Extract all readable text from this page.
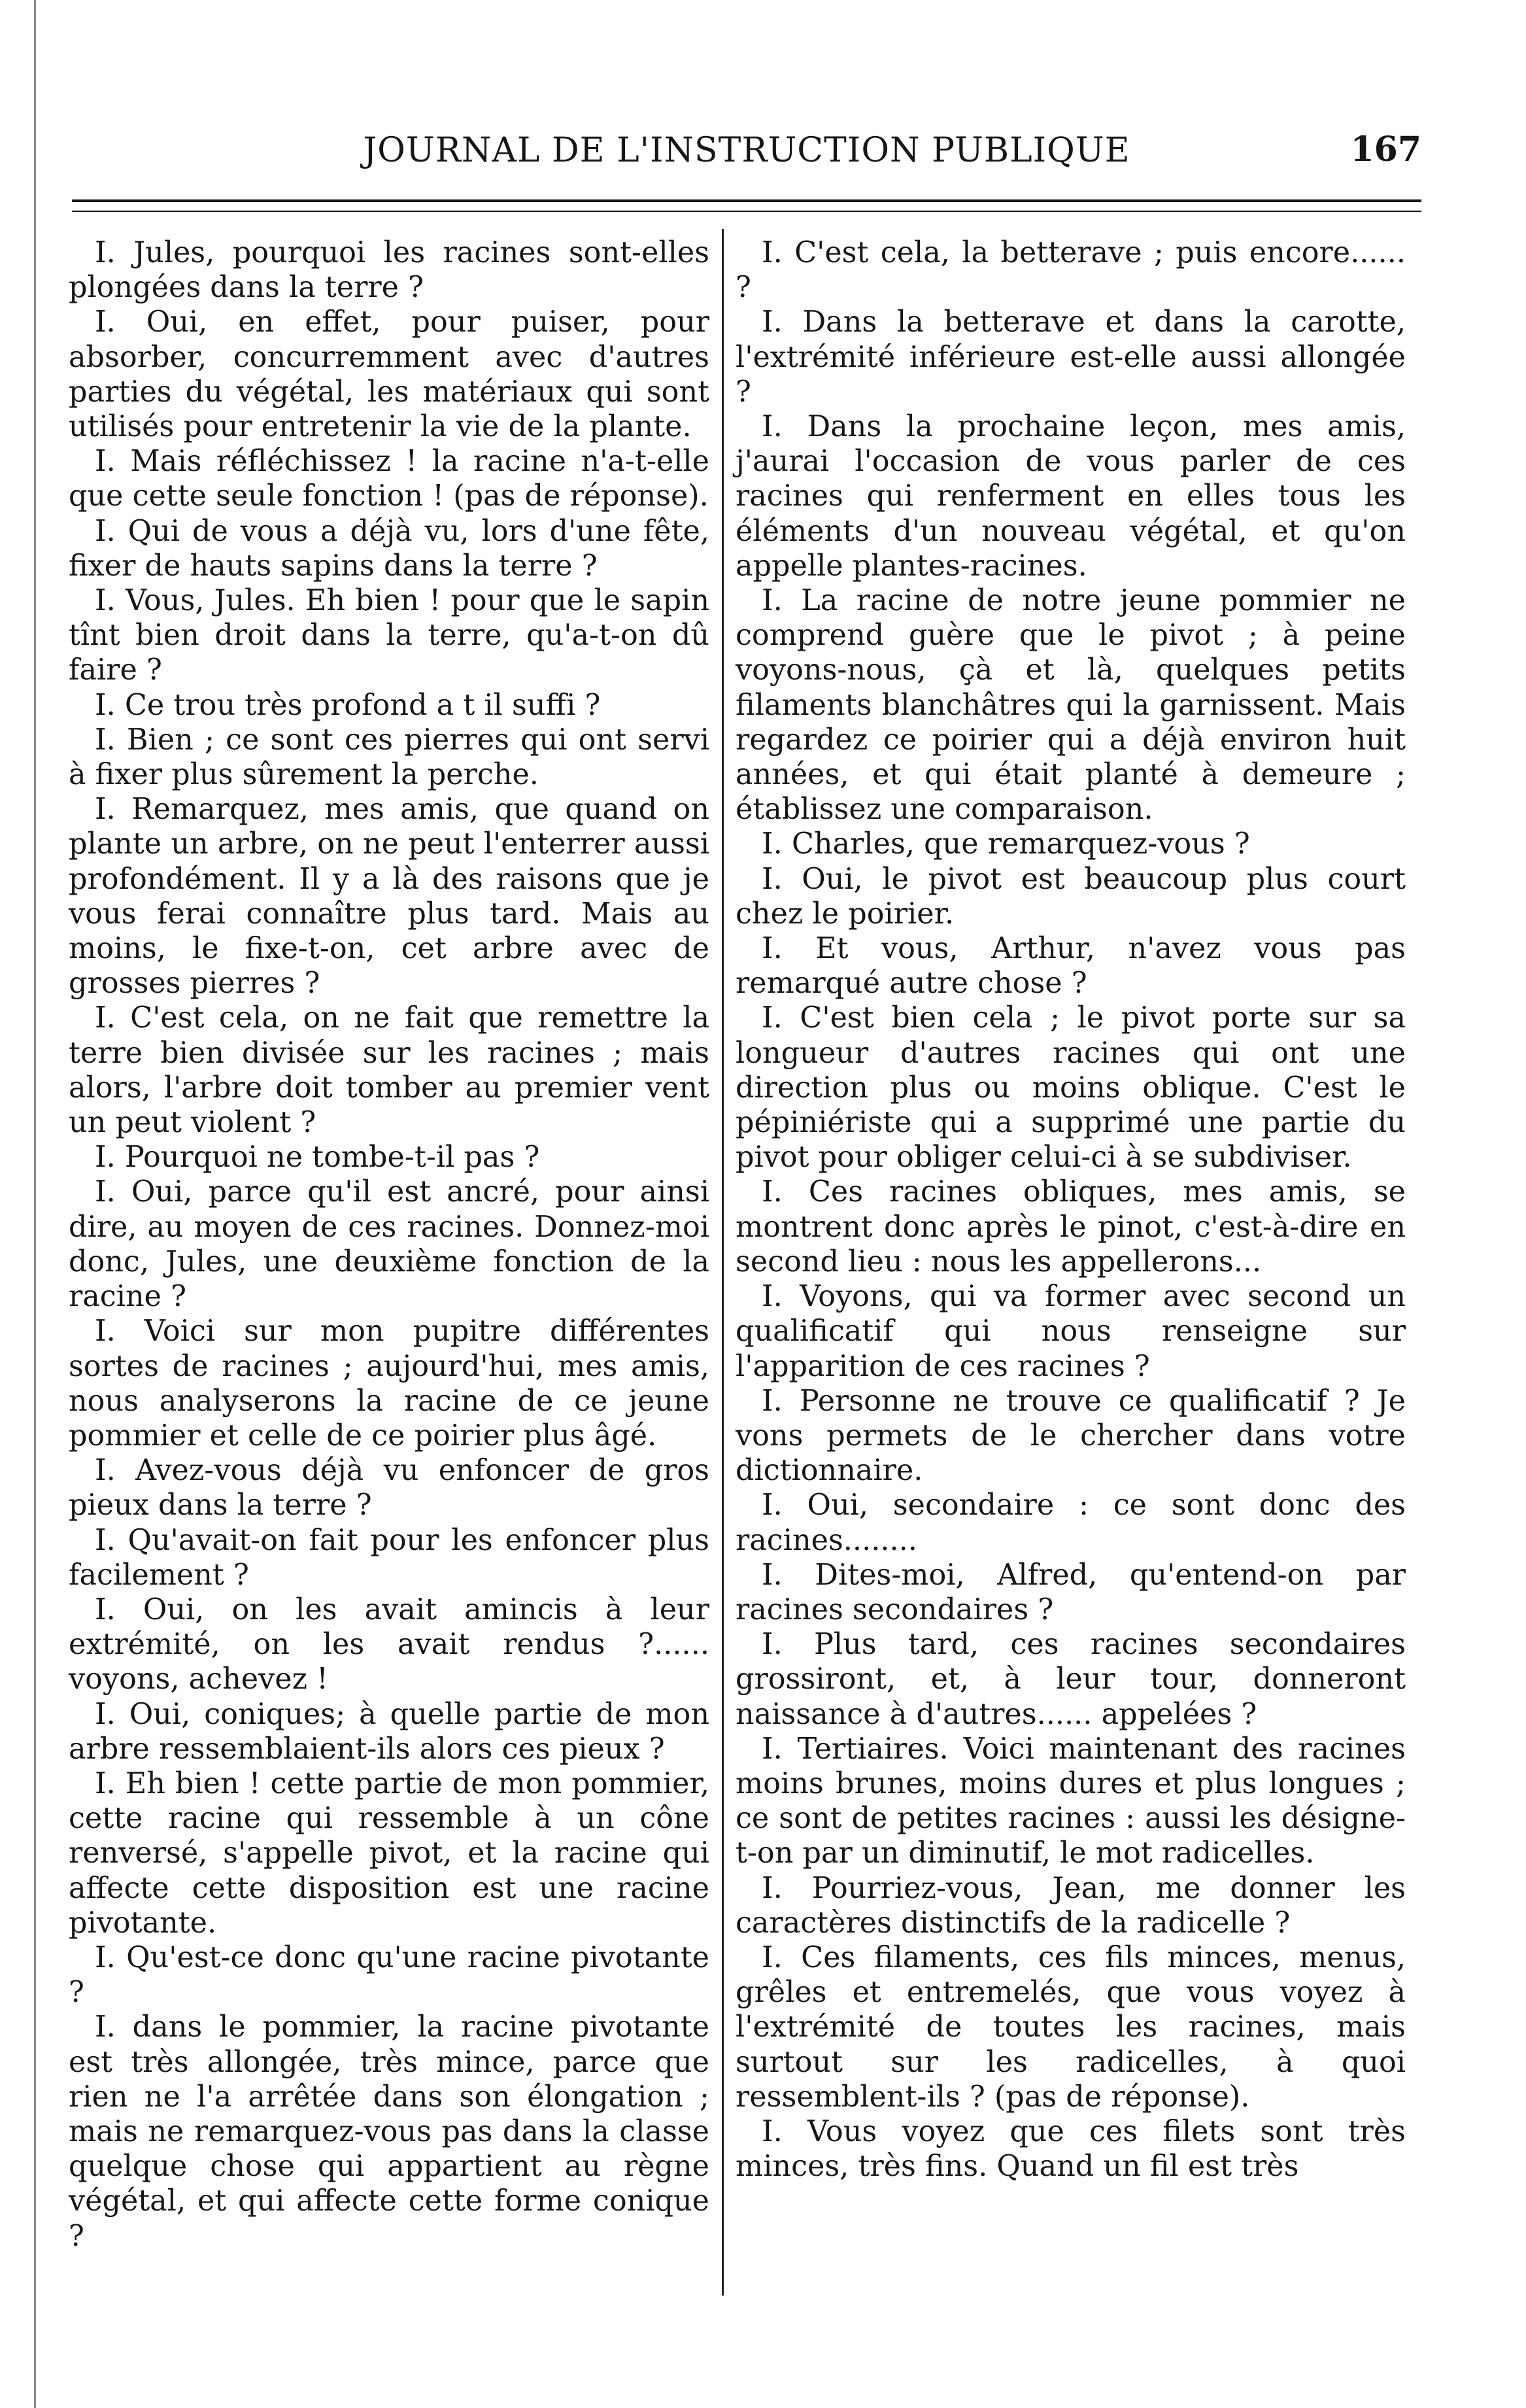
JOURNAL DE L'INSTRUCTION PUBLIQUE	167

I. Jules, pourquoi les racines sont-elles plongées dans la terre ?

I. Oui, en effet, pour puiser, pour absorber, concurremment avec d'autres parties du végétal, les matériaux qui sont utilisés pour entretenir la vie de la plante.

I. Mais réfléchissez ! la racine n'a-t-elle que cette seule fonction ! (pas de réponse).

I. Qui de vous a déjà vu, lors d'une fête, fixer de hauts sapins dans la terre ?

I. Vous, Jules. Eh bien ! pour que le sapin tînt bien droit dans la terre, qu'a-t-on dû faire ?

I. Ce trou très profond a t il suffi ?

I. Bien ; ce sont ces pierres qui ont servi à fixer plus sûrement la perche.

I. Remarquez, mes amis, que quand on plante un arbre, on ne peut l'enterrer aussi profondément. Il y a là des raisons que je vous ferai connaître plus tard. Mais au moins, le fixe-t-on, cet arbre avec de grosses pierres ?

I. C'est cela, on ne fait que remettre la terre bien divisée sur les racines ; mais alors, l'arbre doit tomber au premier vent un peut violent ?

I. Pourquoi ne tombe-t-il pas ?

I. Oui, parce qu'il est ancré, pour ainsi dire, au moyen de ces racines. Donnez-moi donc, Jules, une deuxième fonction de la racine ?

I. Voici sur mon pupitre différentes sortes de racines ; aujourd'hui, mes amis, nous analyserons la racine de ce jeune pommier et celle de ce poirier plus âgé.

I. Avez-vous déjà vu enfoncer de gros pieux dans la terre ?

I. Qu'avait-on fait pour les enfoncer plus facilement ?

I. Oui, on les avait amincis à leur extrémité, on les avait rendus ?...... voyons, achevez !

I. Oui, coniques; à quelle partie de mon arbre ressemblaient-ils alors ces pieux ?

I. Eh bien ! cette partie de mon pommier, cette racine qui ressemble à un cône renversé, s'appelle pivot, et la racine qui affecte cette disposition est une racine pivotante.

I. Qu'est-ce donc qu'une racine pivotante ?

I. dans le pommier, la racine pivotante est très allongée, très mince, parce que rien ne l'a arrêtée dans son élongation ; mais ne remarquez-vous pas dans la classe quelque chose qui appartient au règne végétal, et qui affecte cette forme conique ?

I. C'est cela, la betterave ; puis encore...... ?

I. Dans la betterave et dans la carotte, l'extrémité inférieure est-elle aussi allongée ?

I. Dans la prochaine leçon, mes amis, j'aurai l'occasion de vous parler de ces racines qui renferment en elles tous les éléments d'un nouveau végétal, et qu'on appelle plantes-racines.

I. La racine de notre jeune pommier ne comprend guère que le pivot ; à peine voyons-nous, çà et là, quelques petits filaments blanchâtres qui la garnissent. Mais regardez ce poirier qui a déjà environ huit années, et qui était planté à demeure ; établissez une comparaison.

I. Charles, que remarquez-vous ?

I. Oui, le pivot est beaucoup plus court chez le poirier.

I. Et vous, Arthur, n'avez vous pas remarqué autre chose ?

I. C'est bien cela ; le pivot porte sur sa longueur d'autres racines qui ont une direction plus ou moins oblique. C'est le pépiniériste qui a supprimé une partie du pivot pour obliger celui-ci à se subdiviser.

I. Ces racines obliques, mes amis, se montrent donc après le pinot, c'est-à-dire en second lieu : nous les appellerons...

I. Voyons, qui va former avec second un qualificatif qui nous renseigne sur l'apparition de ces racines ?

I. Personne ne trouve ce qualificatif ? Je vons permets de le chercher dans votre dictionnaire.

I. Oui, secondaire : ce sont donc des racines........

I. Dites-moi, Alfred, qu'entend-on par racines secondaires ?

I. Plus tard, ces racines secondaires grossiront, et, à leur tour, donneront naissance à d'autres...... appelées ?

I. Tertiaires. Voici maintenant des racines moins brunes, moins dures et plus longues ; ce sont de petites racines : aussi les désigne-t-on par un diminutif, le mot radicelles.

I. Pourriez-vous, Jean, me donner les caractères distinctifs de la radicelle ?

I. Ces filaments, ces fils minces, menus, grêles et entremelés, que vous voyez à l'extrémité de toutes les racines, mais surtout sur les radicelles, à quoi ressemblent-ils ? (pas de réponse).

I. Vous voyez que ces filets sont très minces, très fins. Quand un fil est très
